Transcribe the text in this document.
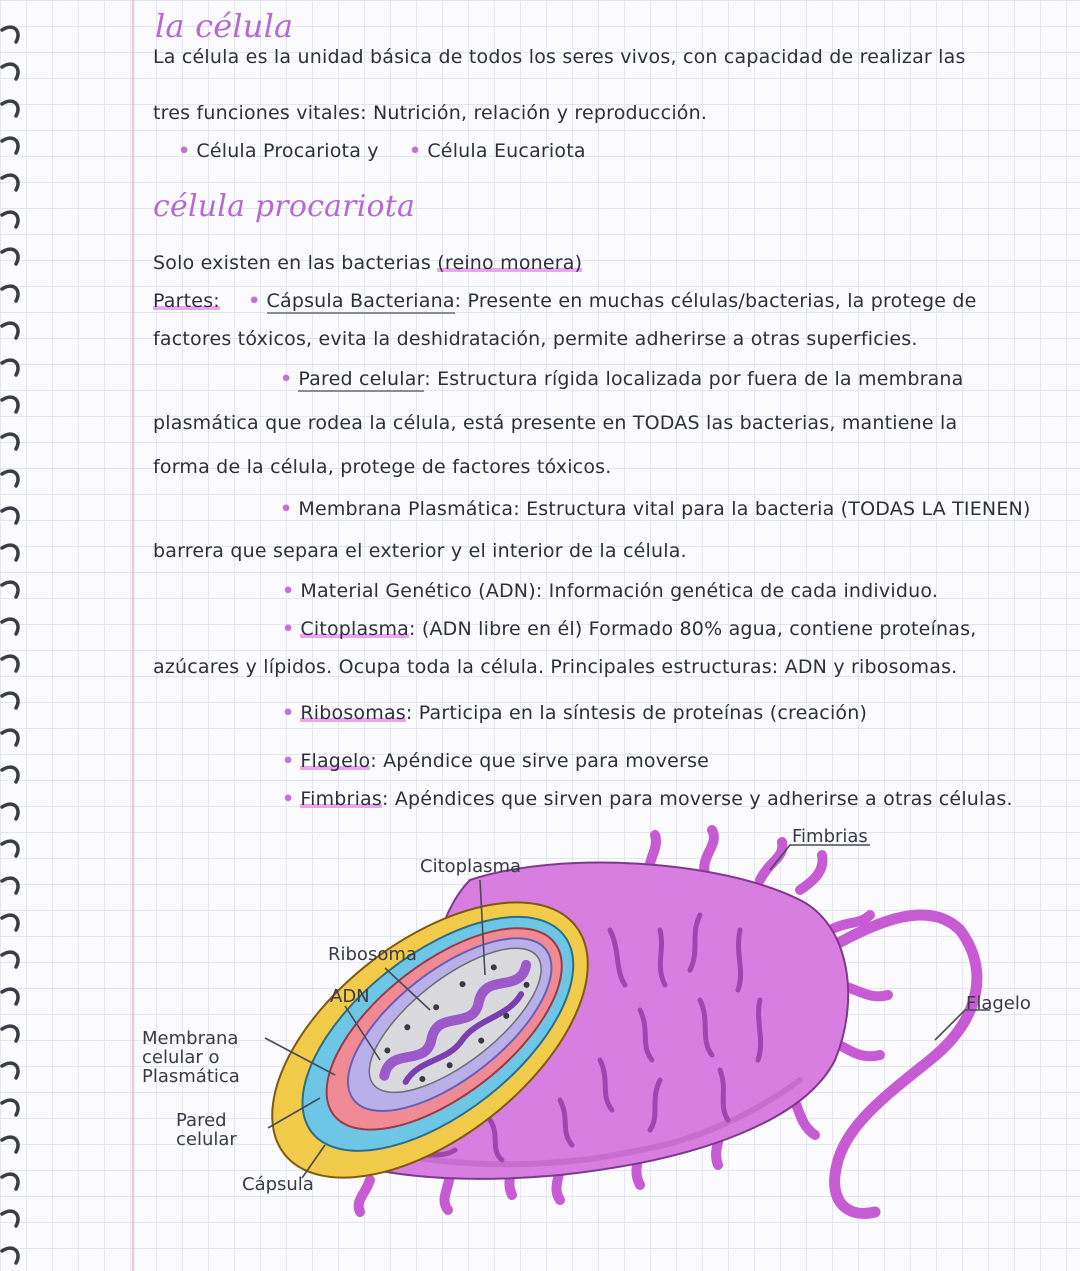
la célula
La célula es la unidad básica de todos los seres vivos, con capacidad de realizar las
tres funciones vitales: Nutrición, relación y reproducción.
• Célula Procariota y • Célula Eucariota
célula procariota
Solo existen en las bacterias (reino monera)
Partes: • Cápsula Bacteriana: Presente en muchas células/bacterias, la protege de
factores tóxicos, evita la deshidratación, permite adherirse a otras superficies.
• Pared celular: Estructura rígida localizada por fuera de la membrana
plasmática que rodea la célula, está presente en TODAS las bacterias, mantiene la
forma de la célula, protege de factores tóxicos.
• Membrana Plasmática: Estructura vital para la bacteria (TODAS LA TIENEN)
barrera que separa el exterior y el interior de la célula.
• Material Genético (ADN): Información genética de cada individuo.
• Citoplasma: (ADN libre en él) Formado 80% agua, contiene proteínas,
azúcares y lípidos. Ocupa toda la célula. Principales estructuras: ADN y ribosomas.
• Ribosomas: Participa en la síntesis de proteínas (creación)
• Flagelo: Apéndice que sirve para moverse
• Fimbrias: Apéndices que sirven para moverse y adherirse a otras células.
Fimbrias
Citoplasma
Ribosoma
ADN	Flagelo
Membrana
celular o
Plasmática
Pared
celular
Cápsula
